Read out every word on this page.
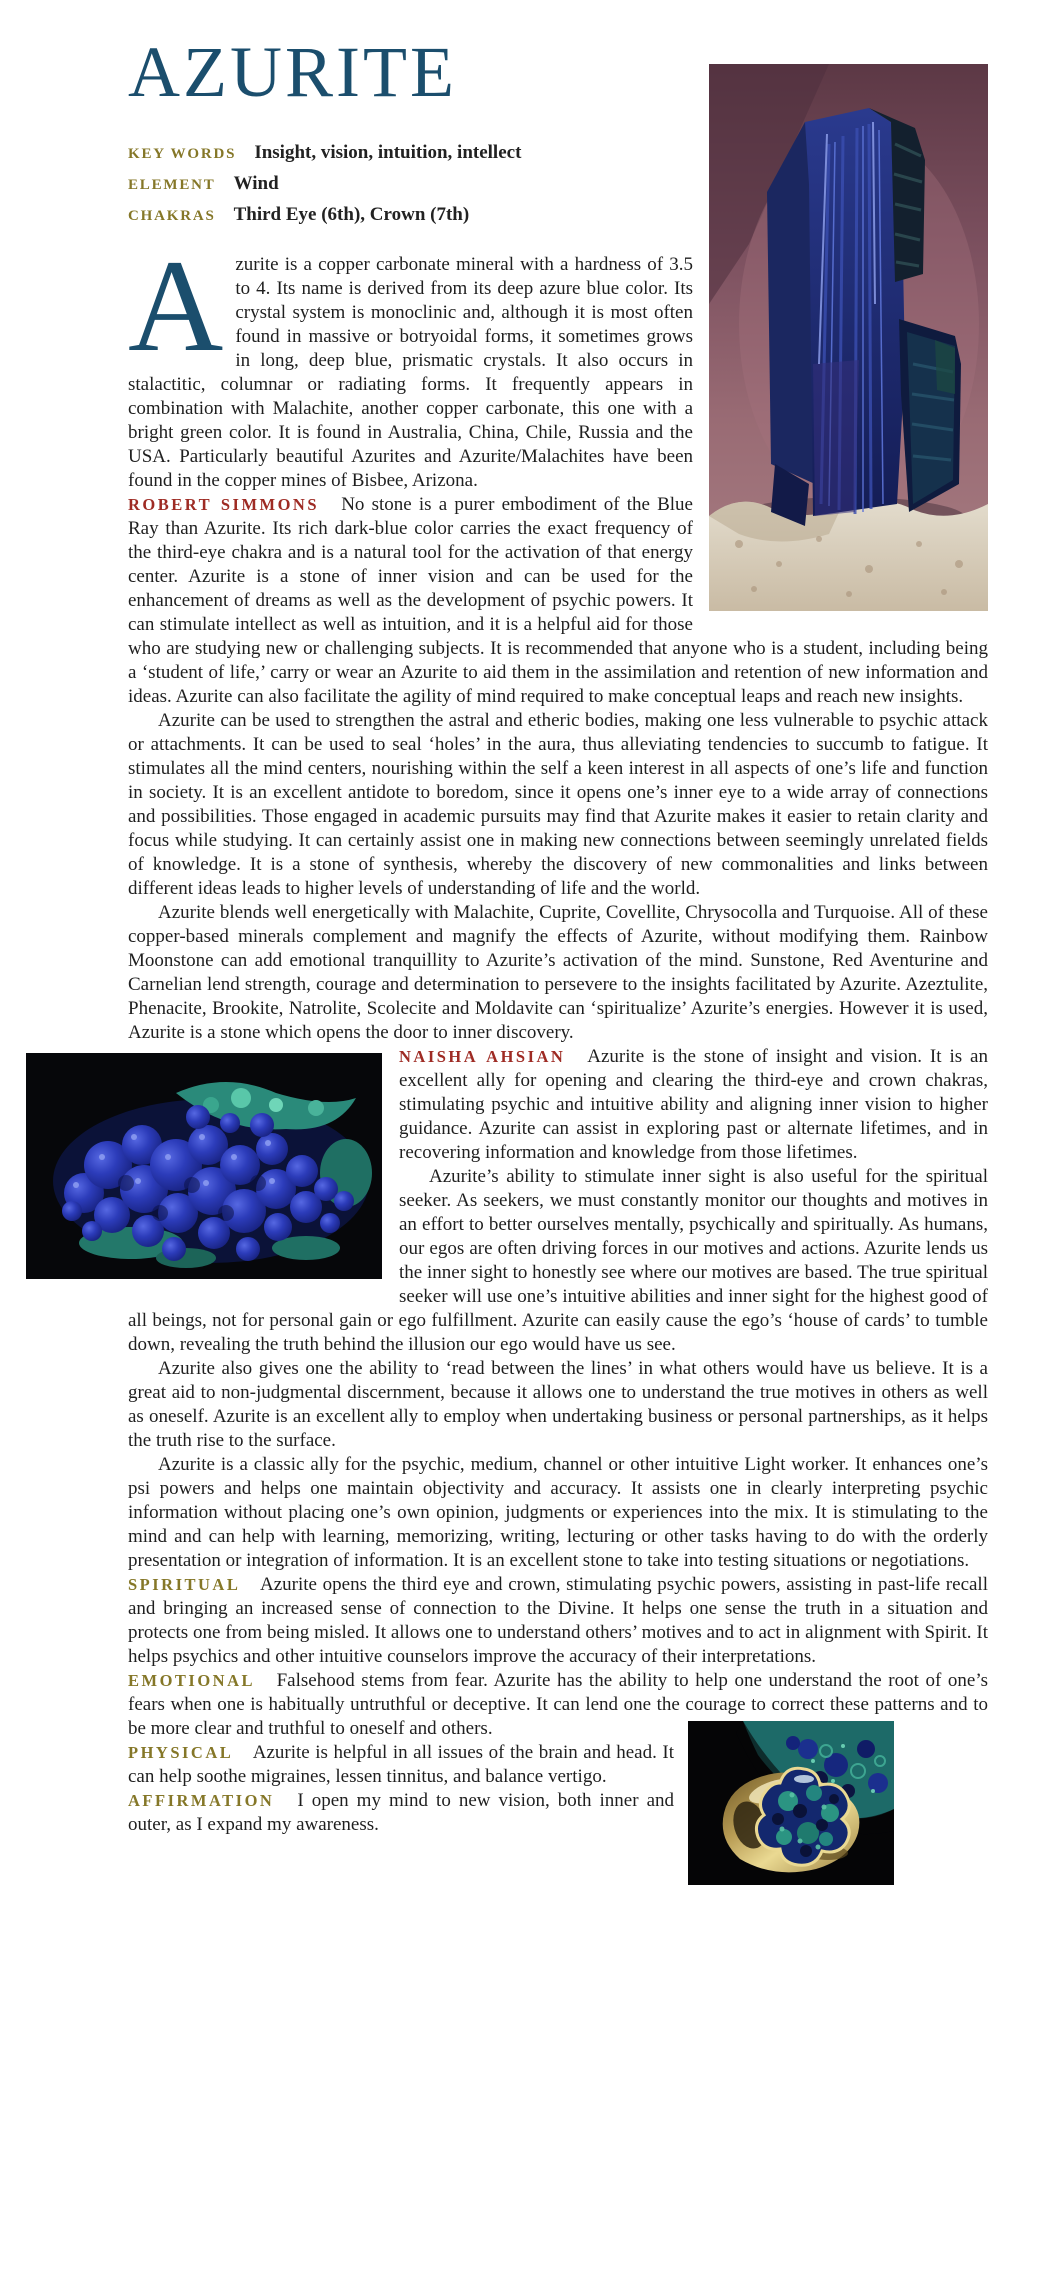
AZURITE
KEY WORDS Insight, vision, intuition, intellect
ELEMENT Wind
CHAKRAS Third Eye (6th), Crown (7th)

A zurite is a copper carbonate mineral with a hardness of 3.5 to 4. Its name is derived from its deep azure blue color. Its crystal system is monoclinic and, although it is most often found in massive or botryoidal forms, it sometimes grows in long, deep blue, prismatic crystals. It also occurs in stalactitic, columnar or radiating forms. It frequently appears in combination with Malachite, another copper carbonate, this one with a bright green color. It is found in Australia, China, Chile, Russia and the USA. Particularly beautiful Azurites and Azurite/Malachites have been found in the copper mines of Bisbee, Arizona.

ROBERT SIMMONS No stone is a purer embodiment of the Blue Ray than Azurite. Its rich dark-blue color carries the exact frequency of the third-eye chakra and is a natural tool for the activation of that energy center. Azurite is a stone of inner vision and can be used for the enhancement of dreams as well as the development of psychic powers. It can stimulate intellect as well as intuition, and it is a helpful aid for those who are studying new or challenging subjects. It is recommended that anyone who is a student, including being a ‘student of life,’ carry or wear an Azurite to aid them in the assimilation and retention of new information and ideas. Azurite can also facilitate the agility of mind required to make conceptual leaps and reach new insights.

Azurite can be used to strengthen the astral and etheric bodies, making one less vulnerable to psychic attack or attachments. It can be used to seal ‘holes’ in the aura, thus alleviating tendencies to succumb to fatigue. It stimulates all the mind centers, nourishing within the self a keen interest in all aspects of one’s life and function in society. It is an excellent antidote to boredom, since it opens one’s inner eye to a wide array of connections and possibilities. Those engaged in academic pursuits may find that Azurite makes it easier to retain clarity and focus while studying. It can certainly assist one in making new connections between seemingly unrelated fields of knowledge. It is a stone of synthesis, whereby the discovery of new commonalities and links between different ideas leads to higher levels of understanding of life and the world.

Azurite blends well energetically with Malachite, Cuprite, Covellite, Chrysocolla and Turquoise. All of these copper-based minerals complement and magnify the effects of Azurite, without modifying them. Rainbow Moonstone can add emotional tranquillity to Azurite’s activation of the mind. Sunstone, Red Aventurine and Carnelian lend strength, courage and determination to persevere to the insights facilitated by Azurite. Azeztulite, Phenacite, Brookite, Natrolite, Scolecite and Moldavite can ‘spiritualize’ Azurite’s energies. However it is used, Azurite is a stone which opens the door to inner discovery.

NAISHA AHSIAN Azurite is the stone of insight and vision. It is an excellent ally for opening and clearing the third-eye and crown chakras, stimulating psychic and intuitive ability and aligning inner vision to higher guidance. Azurite can assist in exploring past or alternate lifetimes, and in recovering information and knowledge from those lifetimes.

Azurite’s ability to stimulate inner sight is also useful for the spiritual seeker. As seekers, we must constantly monitor our thoughts and motives in an effort to better ourselves mentally, psychically and spiritually. As humans, our egos are often driving forces in our motives and actions. Azurite lends us the inner sight to honestly see where our motives are based. The true spiritual seeker will use one’s intuitive abilities and inner sight for the highest good of all beings, not for personal gain or ego fulfillment. Azurite can easily cause the ego’s ‘house of cards’ to tumble down, revealing the truth behind the illusion our ego would have us see.

Azurite also gives one the ability to ‘read between the lines’ in what others would have us believe. It is a great aid to non-judgmental discernment, because it allows one to understand the true motives in others as well as oneself. Azurite is an excellent ally to employ when undertaking business or personal partnerships, as it helps the truth rise to the surface.

Azurite is a classic ally for the psychic, medium, channel or other intuitive Light worker. It enhances one’s psi powers and helps one maintain objectivity and accuracy. It assists one in clearly interpreting psychic information without placing one’s own opinion, judgments or experiences into the mix. It is stimulating to the mind and can help with learning, memorizing, writing, lecturing or other tasks having to do with the orderly presentation or integration of information. It is an excellent stone to take into testing situations or negotiations.

SPIRITUAL Azurite opens the third eye and crown, stimulating psychic powers, assisting in past-life recall and bringing an increased sense of connection to the Divine. It helps one sense the truth in a situation and protects one from being misled. It allows one to understand others’ motives and to act in alignment with Spirit. It helps psychics and other intuitive counselors improve the accuracy of their interpretations.

EMOTIONAL Falsehood stems from fear. Azurite has the ability to help one understand the root of one’s fears when one is habitually untruthful or deceptive. It can lend one the courage to correct these patterns and to be more clear and truthful to oneself and others.

PHYSICAL Azurite is helpful in all issues of the brain and head. It can help soothe migraines, lessen tinnitus, and balance vertigo.

AFFIRMATION I open my mind to new vision, both inner and outer, as I expand my awareness.
